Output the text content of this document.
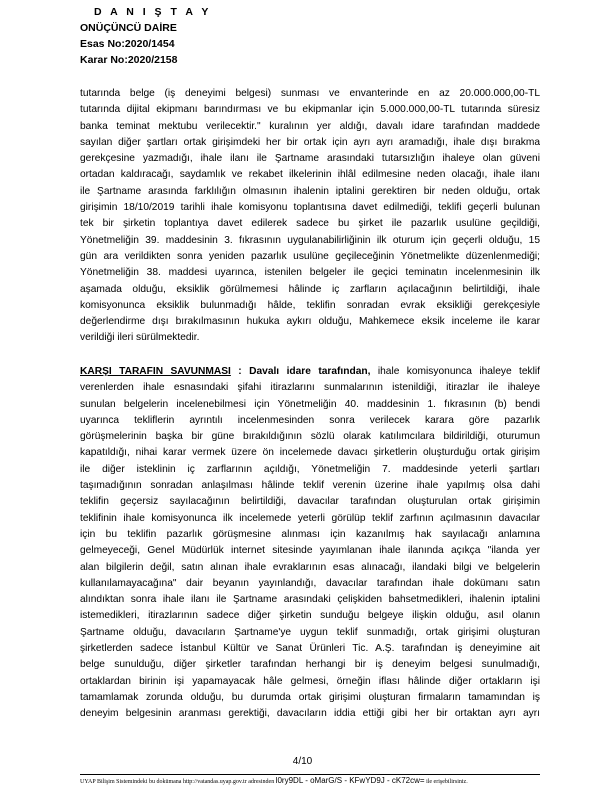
D A N I Ş T A Y
ONÜÇÜNCÜ DAİRE
Esas No:2020/1454
Karar No:2020/2158
tutarında belge (iş deneyimi belgesi) sunması ve envanterinde en az 20.000.000,00-TL
tutarında dijital ekipmanı barındırması ve bu ekipmanlar için 5.000.000,00-TL tutarında süresiz
banka teminat mektubu verilecektir." kuralının yer aldığı, davalı idare tarafından maddede
sayılan diğer şartları ortak girişimdeki her bir ortak için ayrı ayrı aramadığı, ihale dışı bırakma
gerekçesine yazmadığı, ihale ilanı ile Şartname arasındaki tutarsızlığın ihaleye olan güveni
ortadan kaldıracağı, saydamlık ve rekabet ilkelerinin ihlâl edilmesine neden olacağı, ihale ilanı
ile Şartname arasında farklılığın olmasının ihalenin iptalini gerektiren bir neden olduğu, ortak
girişimin 18/10/2019 tarihli ihale komisyonu toplantısına davet edilmediği, teklifi geçerli bulunan
tek bir şirketin toplantıya davet edilerek sadece bu şirket ile pazarlık usulüne geçildiği,
Yönetmeliğin 39. maddesinin 3. fıkrasının uygulanabilirliğinin ilk oturum için geçerli olduğu, 15
gün ara verildikten sonra yeniden pazarlık usulüne geçileceğinin Yönetmelikte düzenlenmediği;
Yönetmeliğin 38. maddesi uyarınca, istenilen belgeler ile geçici teminatın incelenmesinin ilk
aşamada olduğu, eksiklik görülmemesi hâlinde iç zarfların açılacağının belirtildiği, ihale
komisyonunca eksiklik bulunmadığı hâlde, teklifin sonradan evrak eksikliği gerekçesiyle
değerlendirme dışı bırakılmasının hukuka aykırı olduğu, Mahkemece eksik inceleme ile karar
verildiği ileri sürülmektedir.
KARŞI TARAFIN SAVUNMASI : Davalı idare tarafından, ihale komisyonunca ihaleye teklif
verenlerden ihale esnasındaki şifahi itirazlarını sunmalarının istenildiği, itirazlar ile ihaleye
sunulan belgelerin incelenebilmesi için Yönetmeliğin 40. maddesinin 1. fıkrasının (b) bendi
uyarınca tekliflerin ayrıntılı incelenmesinden sonra verilecek karara göre pazarlık
görüşmelerinin başka bir güne bırakıldığının sözlü olarak katılımcılara bildirildiği, oturumun
kapatıldığı, nihai karar vermek üzere ön incelemede davacı şirketlerin oluşturduğu ortak girişim
ile diğer isteklinin iç zarflarının açıldığı, Yönetmeliğin 7. maddesinde yeterli şartları
taşımadığının sonradan anlaşılması hâlinde teklif verenin üzerine ihale yapılmış olsa dahi
teklifin geçersiz sayılacağının belirtildiği, davacılar tarafından oluşturulan ortak girişimin
teklifinin ihale komisyonunca ilk incelemede yeterli görülüp teklif zarfının açılmasının davacılar
için bu teklifin pazarlık görüşmesine alınması için kazanılmış hak sayılacağı anlamına
gelmeyeceği, Genel Müdürlük internet sitesinde yayımlanan ihale ilanında açıkça "ilanda yer
alan bilgilerin değil, satın alınan ihale evraklarının esas alınacağı, ilandaki bilgi ve belgelerin
kullanılamayacağına" dair beyanın yayınlandığı, davacılar tarafından ihale dokümanı satın
alındıktan sonra ihale ilanı ile Şartname arasındaki çelişkiden bahsetmedikleri, ihalenin iptalini
istemedikleri, itirazlarının sadece diğer şirketin sunduğu belgeye ilişkin olduğu, asıl olanın
Şartname olduğu, davacıların Şartname'ye uygun teklif sunmadığı, ortak girişimi oluşturan
şirketlerden sadece İstanbul Kültür ve Sanat Ürünleri Tic. A.Ş. tarafından iş deneyimine ait
belge sunulduğu, diğer şirketler tarafından herhangi bir iş deneyim belgesi sunulmadığı,
ortaklardan birinin işi yapamayacak hâle gelmesi, örneğin iflası hâlinde diğer ortakların işi
tamamlamak zorunda olduğu, bu durumda ortak girişimi oluşturan firmaların tamamından iş
deneyim belgesinin aranması gerektiği, davacıların iddia ettiği gibi her bir ortaktan ayrı ayrı
4/10
UYAP Bilişim Sistemindeki bu dokümana http://vatandas.uyap.gov.tr adresinden l0ry9DL - oMarG/S - KFwYD9J - cK72cw= ile erişebilirsiniz.
